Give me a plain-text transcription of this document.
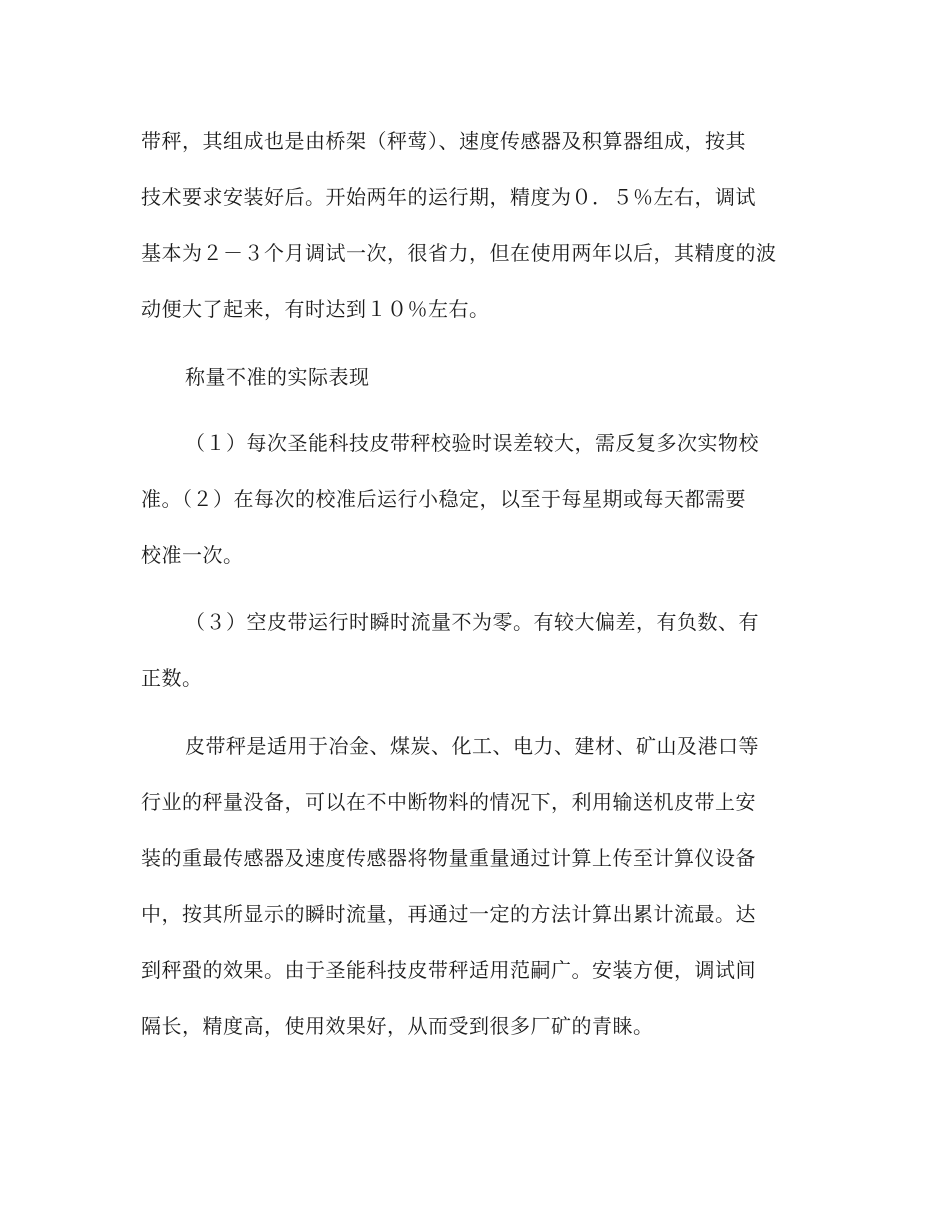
带秤，其组成也是由桥架（秤莺）、速度传感器及积算器组成，按其
技术要求安装好后。开始两年的运行期，精度为０．５％左右，调试
基本为２－３个月调试一次，很省力，但在使用两年以后，其精度的波
动便大了起来，有时达到１０％左右。
称量不准的实际表现
（１）每次圣能科技皮带秤校验时误差较大，需反复多次实物校
准。（２）在每次的校准后运行小稳定，以至于每星期或每天都需要
校准一次。
（３）空皮带运行时瞬时流量不为零。有较大偏差，有负数、有
正数。
皮带秤是适用于冶金、煤炭、化工、电力、建材、矿山及港口等
行业的秤量没备，可以在不中断物料的情况下，利用输送机皮带上安
装的重最传感器及速度传感器将物量重量通过计算上传至计算仪设备
中，按其所显示的瞬时流量，再通过一定的方法计算出累计流最。达
到秤蛩的效果。由于圣能科技皮带秤适用范嗣广。安装方便，调试间
隔长，精度高，使用效果好，从而受到很多厂矿的青睐。
